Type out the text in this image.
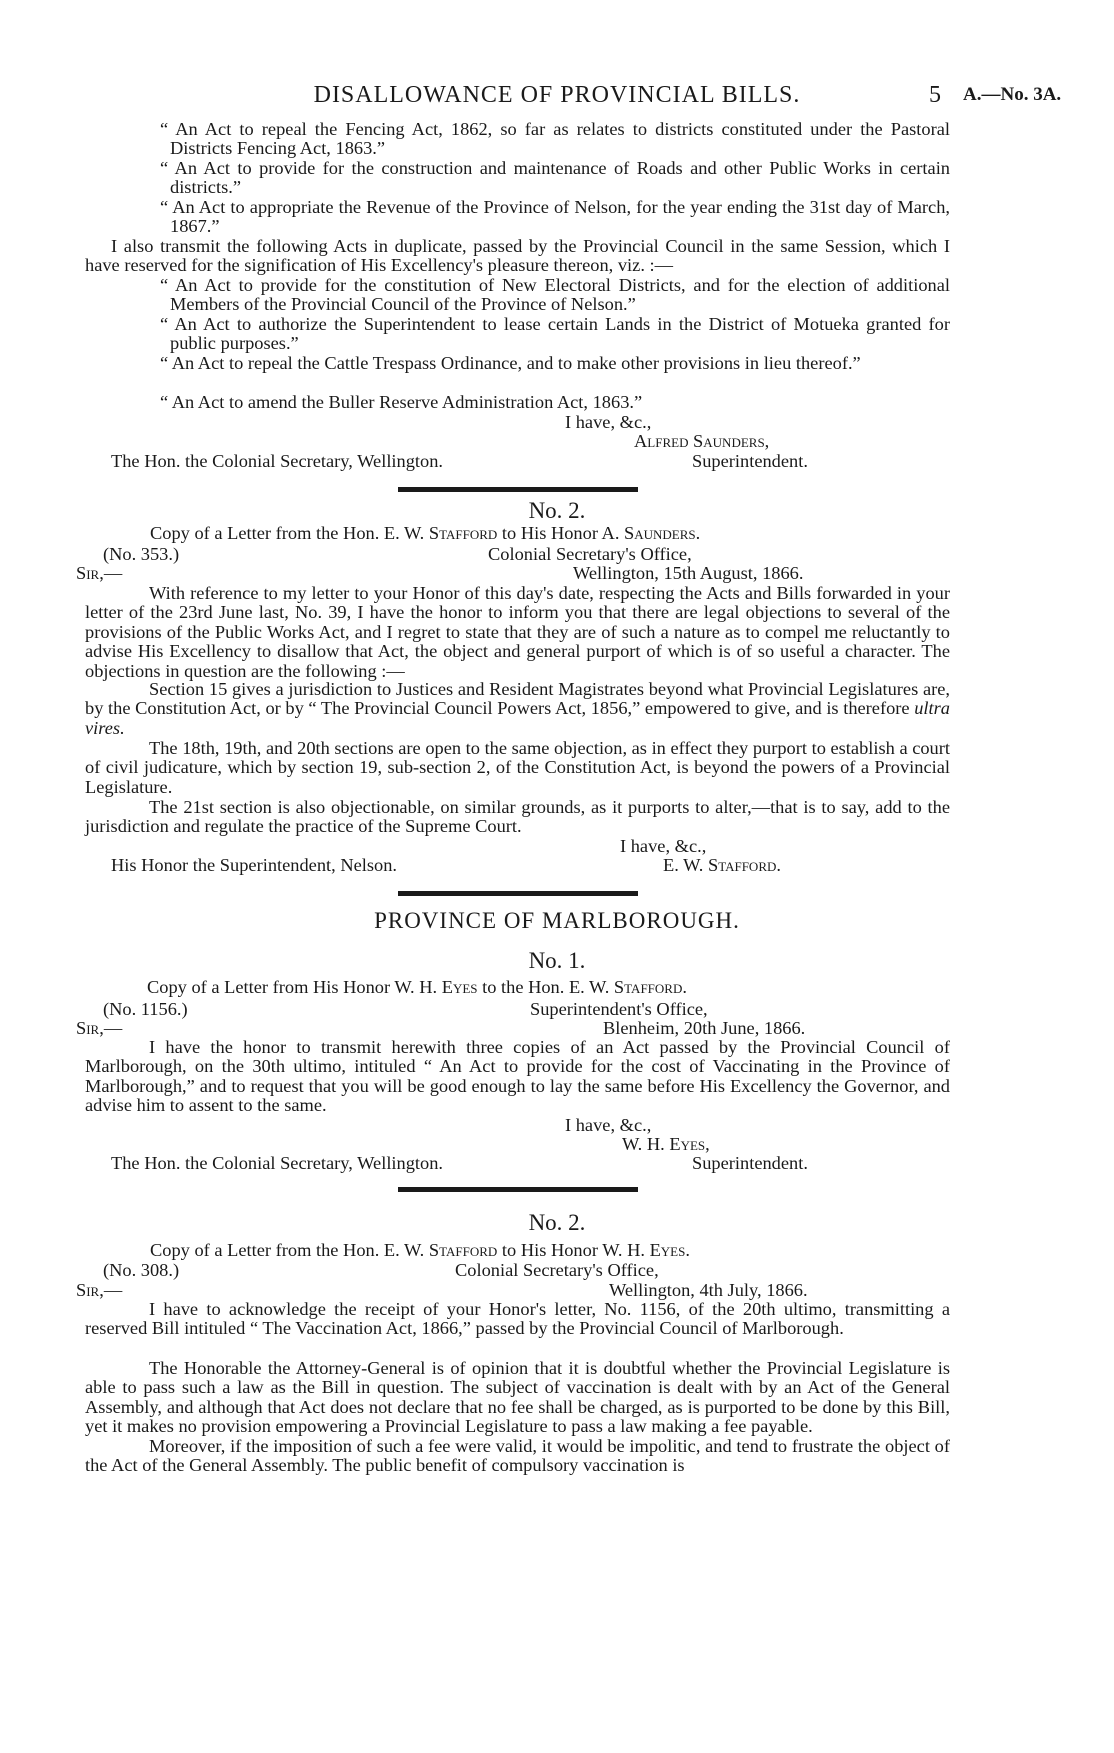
DISALLOWANCE OF PROVINCIAL BILLS.	5 A.—No. 3A.

“ An Act to repeal the Fencing Act, 1862, so far as relates to districts constituted under the Pastoral Districts Fencing Act, 1863.”

“ An Act to provide for the construction and maintenance of Roads and other Public Works in certain districts.”

“ An Act to appropriate the Revenue of the Province of Nelson, for the year ending the 31st day of March, 1867.”

I also transmit the following Acts in duplicate, passed by the Provincial Council in the same Session, which I have reserved for the signification of His Excellency's pleasure thereon, viz. :—

“ An Act to provide for the constitution of New Electoral Districts, and for the election of additional Members of the Provincial Council of the Province of Nelson.”

“ An Act to authorize the Superintendent to lease certain Lands in the District of Motueka granted for public purposes.”

“ An Act to repeal the Cattle Trespass Ordinance, and to make other provisions in lieu thereof.”

“ An Act to amend the Buller Reserve Administration Act, 1863.”

I have, &c.,
Alfred Saunders,
The Hon. the Colonial Secretary, Wellington.	Superintendent.
No. 2.
Copy of a Letter from the Hon. E. W. Stafford to His Honor A. Saunders.
(No. 353.)	Colonial Secretary's Office,
Sir,—	Wellington, 15th August, 1866.

With reference to my letter to your Honor of this day's date, respecting the Acts and Bills forwarded in your letter of the 23rd June last, No. 39, I have the honor to inform you that there are legal objections to several of the provisions of the Public Works Act, and I regret to state that they are of such a nature as to compel me reluctantly to advise His Excellency to disallow that Act, the object and general purport of which is of so useful a character. The objections in question are the following :—

Section 15 gives a jurisdiction to Justices and Resident Magistrates beyond what Provincial Legislatures are, by the Constitution Act, or by “ The Provincial Council Powers Act, 1856,” empowered to give, and is therefore ultra vires.

The 18th, 19th, and 20th sections are open to the same objection, as in effect they purport to establish a court of civil judicature, which by section 19, sub-section 2, of the Constitution Act, is beyond the powers of a Provincial Legislature.

The 21st section is also objectionable, on similar grounds, as it purports to alter,—that is to say, add to the jurisdiction and regulate the practice of the Supreme Court.

I have, &c.,
His Honor the Superintendent, Nelson.	E. W. Stafford.
PROVINCE OF MARLBOROUGH.
No. 1.
Copy of a Letter from His Honor W. H. Eyes to the Hon. E. W. Stafford.
(No. 1156.)	Superintendent's Office,
Sir,—	Blenheim, 20th June, 1866.

I have the honor to transmit herewith three copies of an Act passed by the Provincial Council of Marlborough, on the 30th ultimo, intituled “ An Act to provide for the cost of Vaccinating in the Province of Marlborough,” and to request that you will be good enough to lay the same before His Excellency the Governor, and advise him to assent to the same.

I have, &c.,
W. H. Eyes,
The Hon. the Colonial Secretary, Wellington.	Superintendent.
No. 2.
Copy of a Letter from the Hon. E. W. Stafford to His Honor W. H. Eyes.
(No. 308.)	Colonial Secretary's Office,
Sir,—	Wellington, 4th July, 1866.

I have to acknowledge the receipt of your Honor's letter, No. 1156, of the 20th ultimo, transmitting a reserved Bill intituled “ The Vaccination Act, 1866,” passed by the Provincial Council of Marlborough.

The Honorable the Attorney-General is of opinion that it is doubtful whether the Provincial Legislature is able to pass such a law as the Bill in question. The subject of vaccination is dealt with by an Act of the General Assembly, and although that Act does not declare that no fee shall be charged, as is purported to be done by this Bill, yet it makes no provision empowering a Provincial Legislature to pass a law making a fee payable.

Moreover, if the imposition of such a fee were valid, it would be impolitic, and tend to frustrate the object of the Act of the General Assembly. The public benefit of compulsory vaccination is
